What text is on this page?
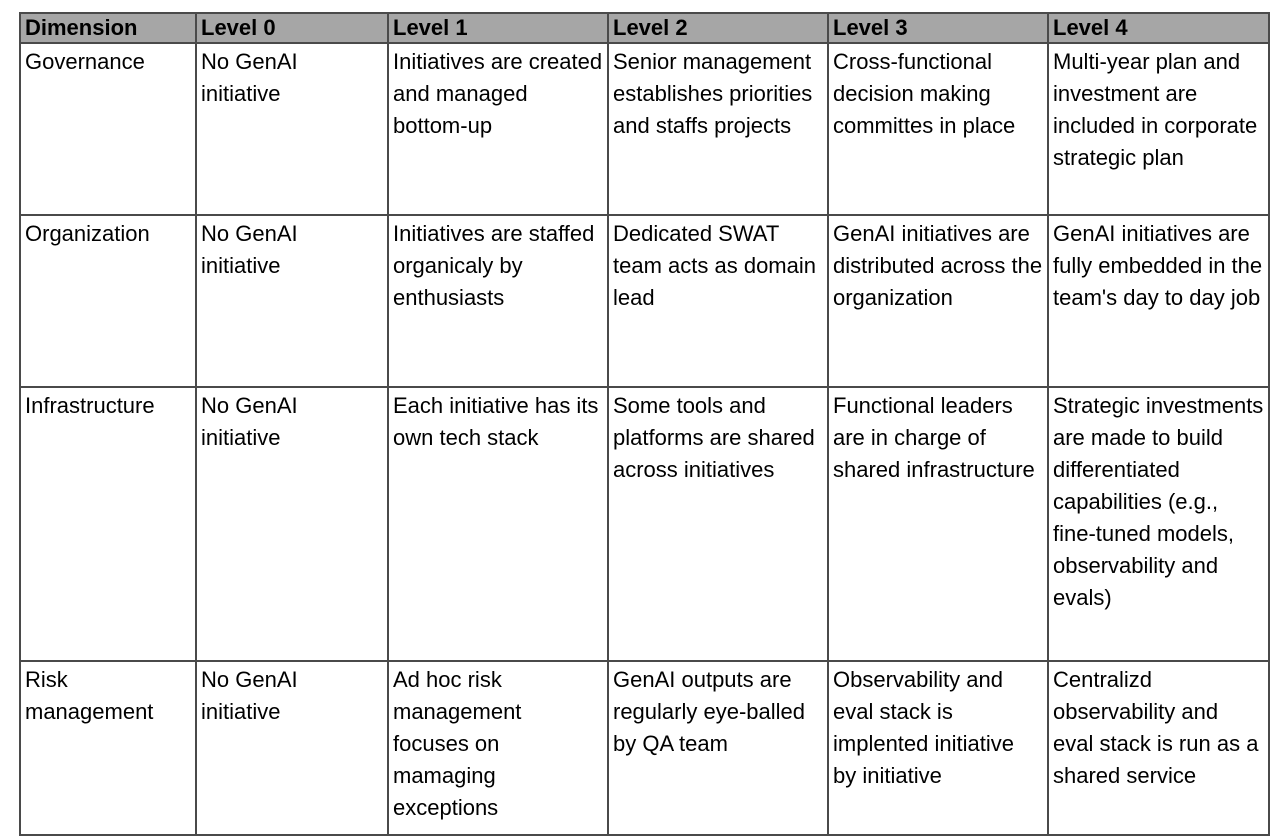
Dimension	Level 0	Level 1	Level 2	Level 3	Level 4
Governance	No GenAI initiative	Initiatives are created and managed bottom-up	Senior management establishes priorities and staffs projects	Cross-functional decision making committes in place	Multi-year plan and investment are included in corporate strategic plan
Organization	No GenAI initiative	Initiatives are staffed organicaly by enthusiasts	Dedicated SWAT team acts as domain lead	GenAI initiatives are distributed across the organization	GenAI initiatives are fully embedded in the team's day to day job
Infrastructure	No GenAI initiative	Each initiative has its own tech stack	Some tools and platforms are shared across initiatives	Functional leaders are in charge of shared infrastructure	Strategic investments are made to build differentiated capabilities (e.g., fine-tuned models, observability and evals)
Risk management	No GenAI initiative	Ad hoc risk management focuses on mamaging exceptions	GenAI outputs are regularly eye-balled by QA team	Observability and eval stack is implented initiative by initiative	Centralizd observability and eval stack is run as a shared service
